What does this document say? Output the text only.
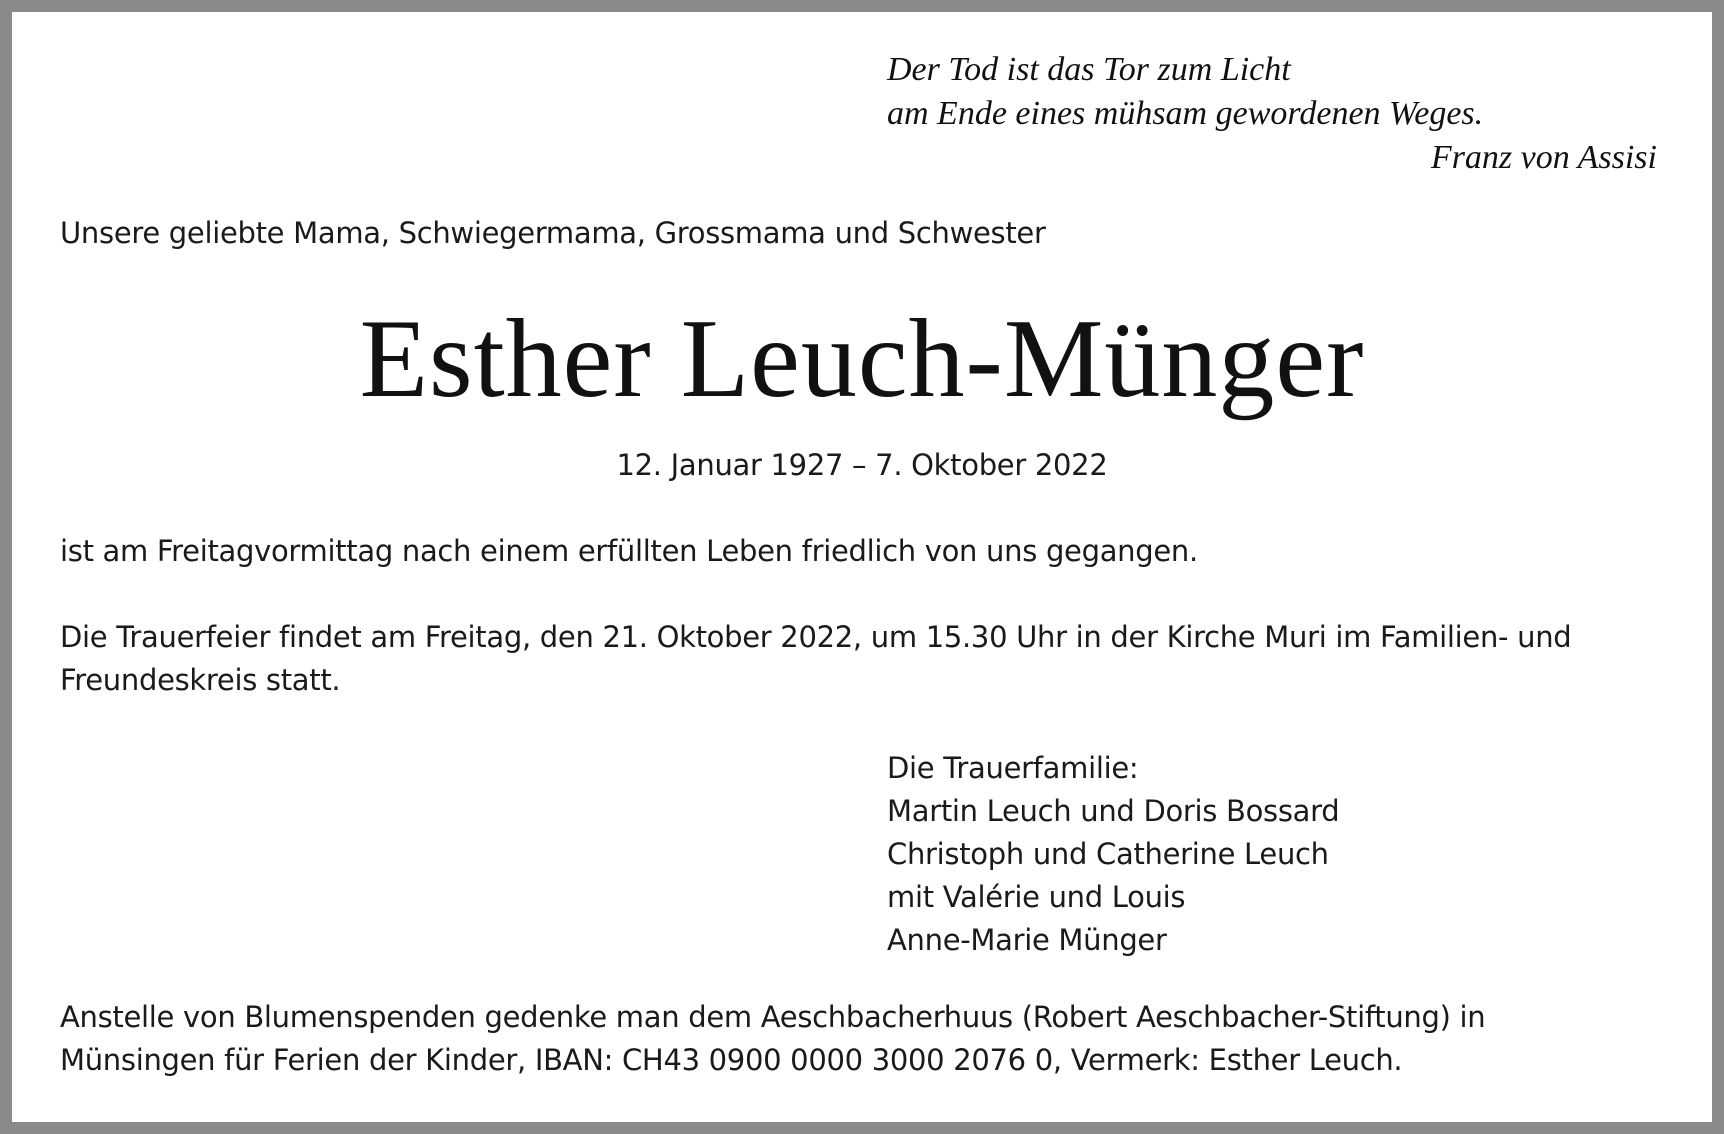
Der Tod ist das Tor zum Licht
am Ende eines mühsam gewordenen Weges.
Franz von Assisi
Unsere geliebte Mama, Schwiegermama, Grossmama und Schwester
Esther Leuch-Münger
12. Januar 1927 – 7. Oktober 2022
ist am Freitagvormittag nach einem erfüllten Leben friedlich von uns gegangen.
Die Trauerfeier findet am Freitag, den 21. Oktober 2022, um 15.30 Uhr in der Kirche Muri im Familien- und
Freundeskreis statt.
Die Trauerfamilie:
Martin Leuch und Doris Bossard
Christoph und Catherine Leuch
mit Valérie und Louis
Anne-Marie Münger
Anstelle von Blumenspenden gedenke man dem Aeschbacherhuus (Robert Aeschbacher-Stiftung) in
Münsingen für Ferien der Kinder, IBAN: CH43 0900 0000 3000 2076 0, Vermerk: Esther Leuch.
